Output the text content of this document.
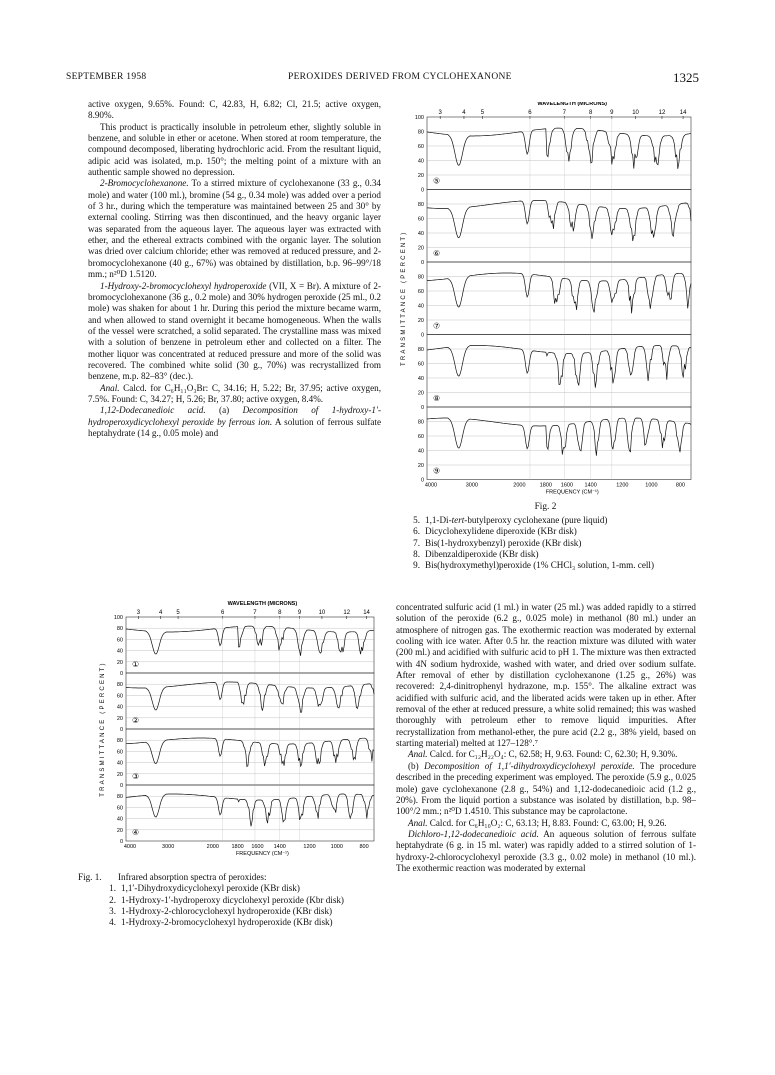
SEPTEMBER 1958	PEROXIDES DERIVED FROM CYCLOHEXANONE	1325

active oxygen, 9.65%. Found: C, 42.83, H, 6.82; Cl, 21.5; active oxygen, 8.90%.

This product is practically insoluble in petroleum ether, slightly soluble in benzene, and soluble in ether or acetone. When stored at room temperature, the compound decomposed, liberating hydrochloric acid. From the resultant liquid, adipic acid was isolated, m.p. 150°; the melting point of a mixture with an authentic sample showed no depression.

2-Bromocyclohexanone. To a stirred mixture of cyclohexanone (33 g., 0.34 mole) and water (100 ml.), bromine (54 g., 0.34 mole) was added over a period of 3 hr., during which the temperature was maintained between 25 and 30° by external cooling. Stirring was then discontinued, and the heavy organic layer was separated from the aqueous layer. The aqueous layer was extracted with ether, and the ethereal extracts combined with the organic layer. The solution was dried over calcium chloride; ether was removed at reduced pressure, and 2-bromocyclohexanone (40 g., 67%) was obtained by distillation, b.p. 96–99°/18 mm.; n²⁰D 1.5120.

1-Hydroxy-2-bromocyclohexyl hydroperoxide (VII, X = Br). A mixture of 2-bromocyclohexanone (36 g., 0.2 mole) and 30% hydrogen peroxide (25 ml., 0.2 mole) was shaken for about 1 hr. During this period the mixture became warm, and when allowed to stand overnight it became homogeneous. When the walls of the vessel were scratched, a solid separated. The crystalline mass was mixed with a solution of benzene in petroleum ether and collected on a filter. The mother liquor was concentrated at reduced pressure and more of the solid was recovered. The combined white solid (30 g., 70%) was recrystallized from benzene, m.p. 82–83° (dec.).

Anal. Calcd. for C₆H₁₁O₃Br: C, 34.16; H, 5.22; Br, 37.95; active oxygen, 7.5%. Found: C, 34.27; H, 5.26; Br, 37.80; active oxygen, 8.4%.

1,12-Dodecanedioic acid. (a) Decomposition of 1-hydroxy-1′-hydroperoxydicyclohexyl peroxide by ferrous ion. A solution of ferrous sulfate heptahydrate (14 g., 0.05 mole) and

WAVELENGTH (MICRONS)
3	4 5	6	7	8	9	10	12 14
TRANSMITTANCE (PERCENT)
100
80
60
40
20
0
①
80
60
40
20
0
②
80
60
40
20
0
③
80
60
40
20
0
④
4000	3000	2000 1800 1600 1400	1200	1000	800
FREQUENCY (CM⁻¹)
Fig. 1.	Infrared absorption spectra of peroxides:
1. 1,1′-Dihydroxydicyclohexyl peroxide (KBr disk)
2. 1-Hydroxy-1′-hydroperoxy dicyclohexyl peroxide (Kbr disk)
3. 1-Hydroxy-2-chlorocyclohexyl hydroperoxide (KBr disk)
4. 1-Hydroxy-2-bromocyclohexyl hydroperoxide (KBr disk)
WAVELENGTH (MICRONS)
3	4	5	6	7	8	9	10	12 14
TRANSMITTANCE (PERCENT)
100
80
60
40
20
0
⑤
80
60
40
20
0
⑥
80
60
40
20
0
⑦
80
60
40
20
0
⑧
80
60
40
20
0
⑨
4000	3000	2000	1800 1600 1400	1200	1000	800
FREQUENCY (CM⁻¹)
Fig. 2
5. 1,1-Di-tert-butylperoxy cyclohexane (pure liquid)
6. Dicyclohexylidene diperoxide (KBr disk)
7. Bis(1-hydroxybenzyl) peroxide (KBr disk)
8. Dibenzaldiperoxide (KBr disk)
9. Bis(hydroxymethyl)peroxide (1% CHCl₃ solution, 1-mm. cell)

concentrated sulfuric acid (1 ml.) in water (25 ml.) was added rapidly to a stirred solution of the peroxide (6.2 g., 0.025 mole) in methanol (80 ml.) under an atmosphere of nitrogen gas. The exothermic reaction was moderated by external cooling with ice water. After 0.5 hr. the reaction mixture was diluted with water (200 ml.) and acidified with sulfuric acid to pH 1. The mixture was then extracted with 4N sodium hydroxide, washed with water, and dried over sodium sulfate. After removal of ether by distillation cyclohexanone (1.25 g., 26%) was recovered: 2,4-dinitrophenyl hydrazone, m.p. 155°. The alkaline extract was acidified with sulfuric acid, and the liberated acids were taken up in ether. After removal of the ether at reduced pressure, a white solid remained; this was washed thoroughly with petroleum ether to remove liquid impurities. After recrystallization from methanol-ether, the pure acid (2.2 g., 38% yield, based on starting material) melted at 127–128°.⁷

Anal. Calcd. for C₁₂H₂₂O₄: C, 62.58; H, 9.63. Found: C, 62.30; H, 9.30%.

(b) Decomposition of 1,1′-dihydroxydicyclohexyl peroxide. The procedure described in the preceding experiment was employed. The peroxide (5.9 g., 0.025 mole) gave cyclohexanone (2.8 g., 54%) and 1,12-dodecanedioic acid (1.2 g., 20%). From the liquid portion a substance was isolated by distillation, b.p. 98–100°/2 mm.; n²⁰D 1.4510. This substance may be caprolactone.

Anal. Calcd. for C₆H₁₀O₂: C, 63.13; H, 8.83. Found: C, 63.00; H, 9.26.

Dichloro-1,12-dodecanedioic acid. An aqueous solution of ferrous sulfate heptahydrate (6 g. in 15 ml. water) was rapidly added to a stirred solution of 1-hydroxy-2-chlorocyclohexyl peroxide (3.3 g., 0.02 mole) in methanol (10 ml.). The exothermic reaction was moderated by external
